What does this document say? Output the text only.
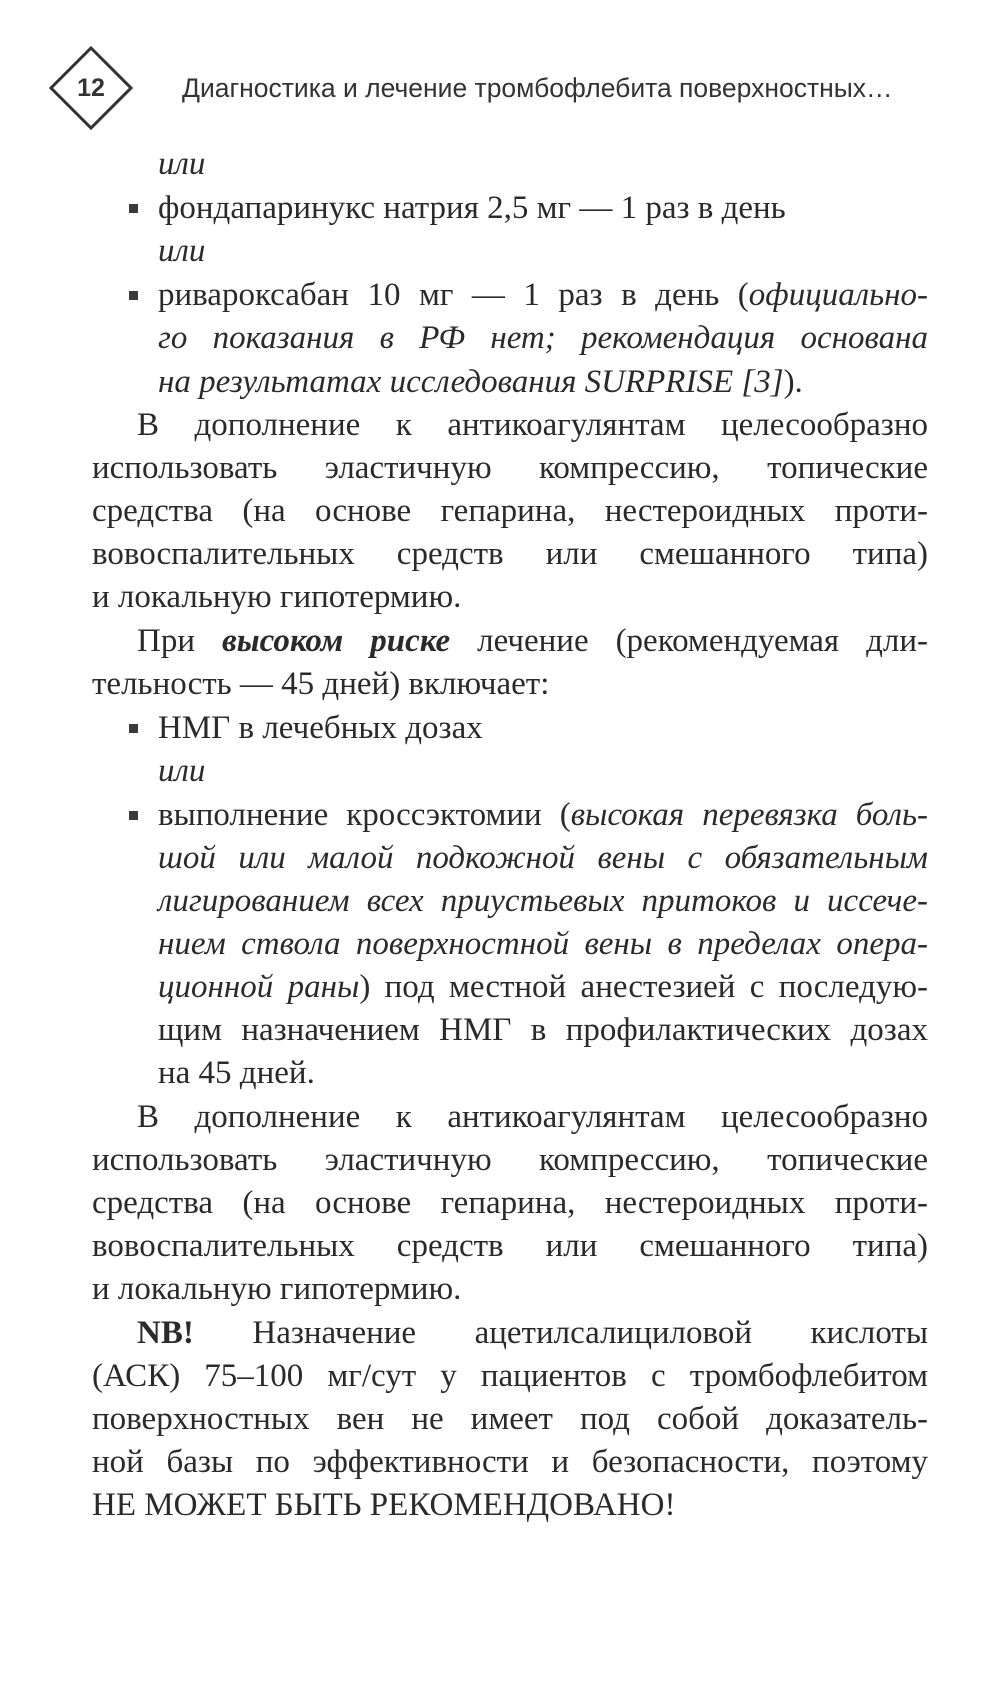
12	Диагностика и лечение тромбофлебита поверхностных…
или
фондапаринукс натрия 2,5 мг — 1 раз в день
или
ривароксабан 10 мг — 1 раз в день (официально-
го показания в РФ нет; рекомендация основана
на результатах исследования SURPRISE [3]).
В дополнение к антикоагулянтам целесообразно
использовать эластичную компрессию, топические
средства (на основе гепарина, нестероидных проти-
вовоспалительных средств или смешанного типа)
и локальную гипотермию.
При высоком риске лечение (рекомендуемая дли-
тельность — 45 дней) включает:
НМГ в лечебных дозах
или
выполнение кроссэктомии (высокая перевязка боль-
шой или малой подкожной вены с обязательным
лигированием всех приустьевых притоков и иссече-
нием ствола поверхностной вены в пределах опера-
ционной раны) под местной анестезией с последую-
щим назначением НМГ в профилактических дозах
на 45 дней.
В дополнение к антикоагулянтам целесообразно
использовать эластичную компрессию, топические
средства (на основе гепарина, нестероидных проти-
вовоспалительных средств или смешанного типа)
и локальную гипотермию.
NB! Назначение ацетилсалициловой кислоты
(АСК) 75–100 мг/сут у пациентов с тромбофлебитом
поверхностных вен не имеет под собой доказатель-
ной базы по эффективности и безопасности, поэтому
НЕ МОЖЕТ БЫТЬ РЕКОМЕНДОВАНО!
